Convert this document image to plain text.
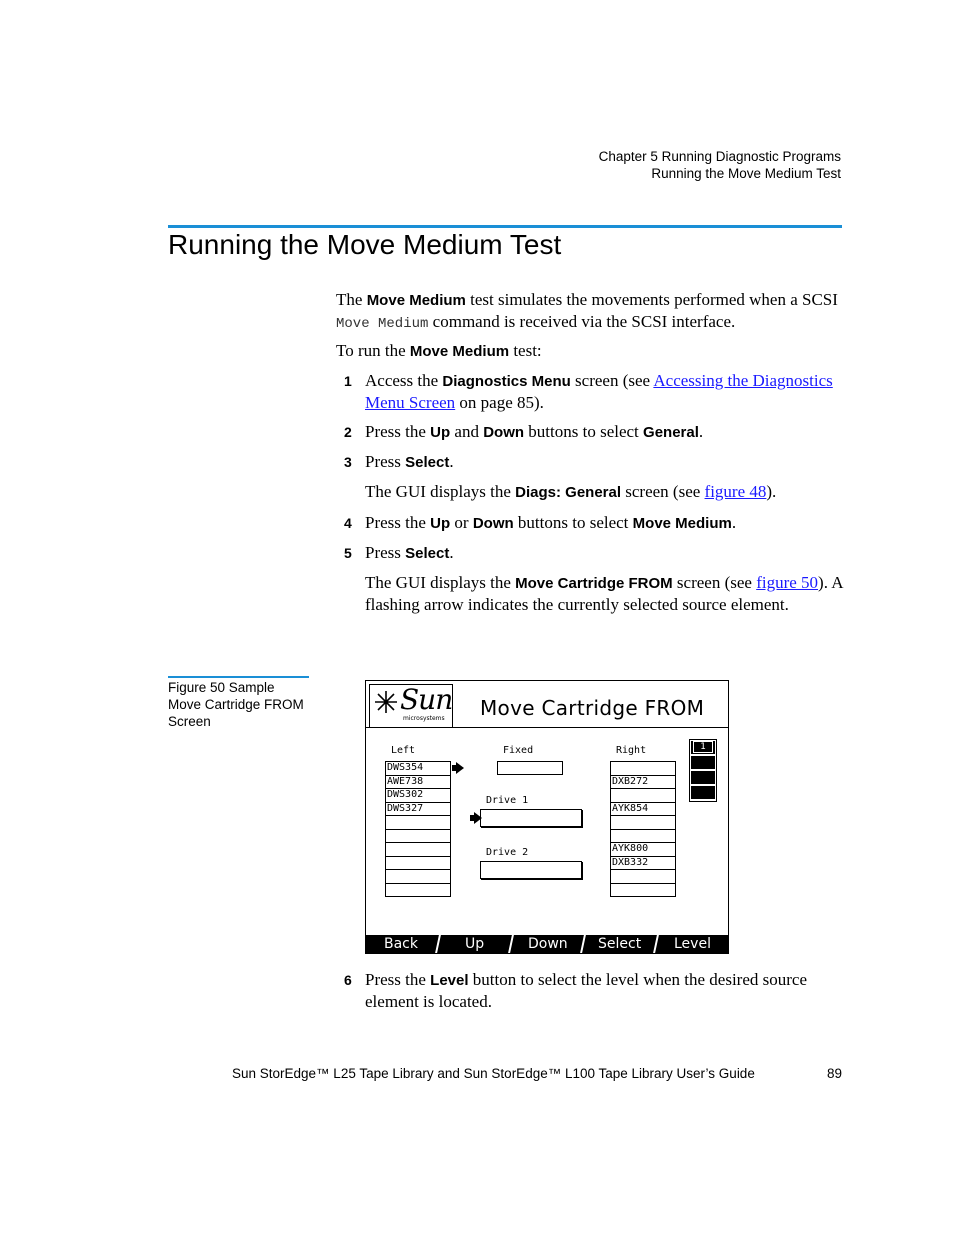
Chapter 5 Running Diagnostic Programs
Running the Move Medium Test
Running the Move Medium Test

The Move Medium test simulates the movements performed when a SCSI Move Medium command is received via the SCSI interface.

To run the Move Medium test:

1 Access the Diagnostics Menu screen (see Accessing the Diagnostics Menu Screen on page 85).
2 Press the Up and Down buttons to select General.
3 Press Select.
The GUI displays the Diags: General screen (see figure 48).
4 Press the Up or Down buttons to select Move Medium.
5 Press Select.
The GUI displays the Move Cartridge FROM screen (see figure 50). A flashing arrow indicates the currently selected source element.
Figure 50 Sample
Move Cartridge FROM
Screen
Sun
microsystems Move Cartridge FROM
Left	Fixed	Right
DWS354
AWE738
DWS302
DWS327
Drive 1
Drive 2
DXB272
AYK854
AYK800
DXB332
1
Back	Up	Down	Select	Level
6 Press the Level button to select the level when the desired source element is located.
Sun StorEdge™ L25 Tape Library and Sun StorEdge™ L100 Tape Library User’s Guide	89
